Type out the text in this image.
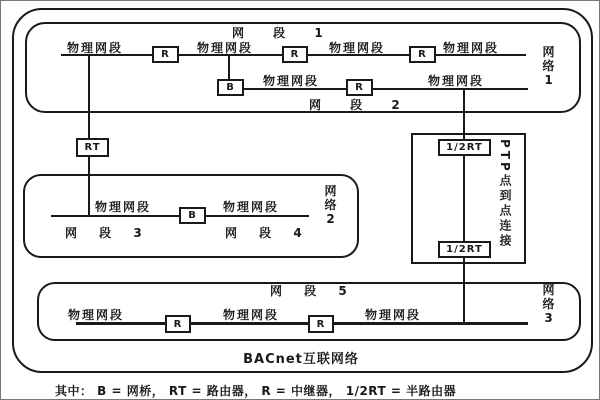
R	R	R
B	R
RT
B
1/2RT
1/2RT
R	R
物理网段	物理网段	物理网段	物理网段
物理网段	物理网段
物理网段	物理网段
物理网段	物理网段	物理网段
网 段 1
网 段 2
网 段 3	网 段 4
网 段 5
网络1
网络2
网络3
PTP点到点连接
BACnet互联网络
其中： B = 网桥， RT = 路由器， R = 中继器， 1/2RT = 半路由器
